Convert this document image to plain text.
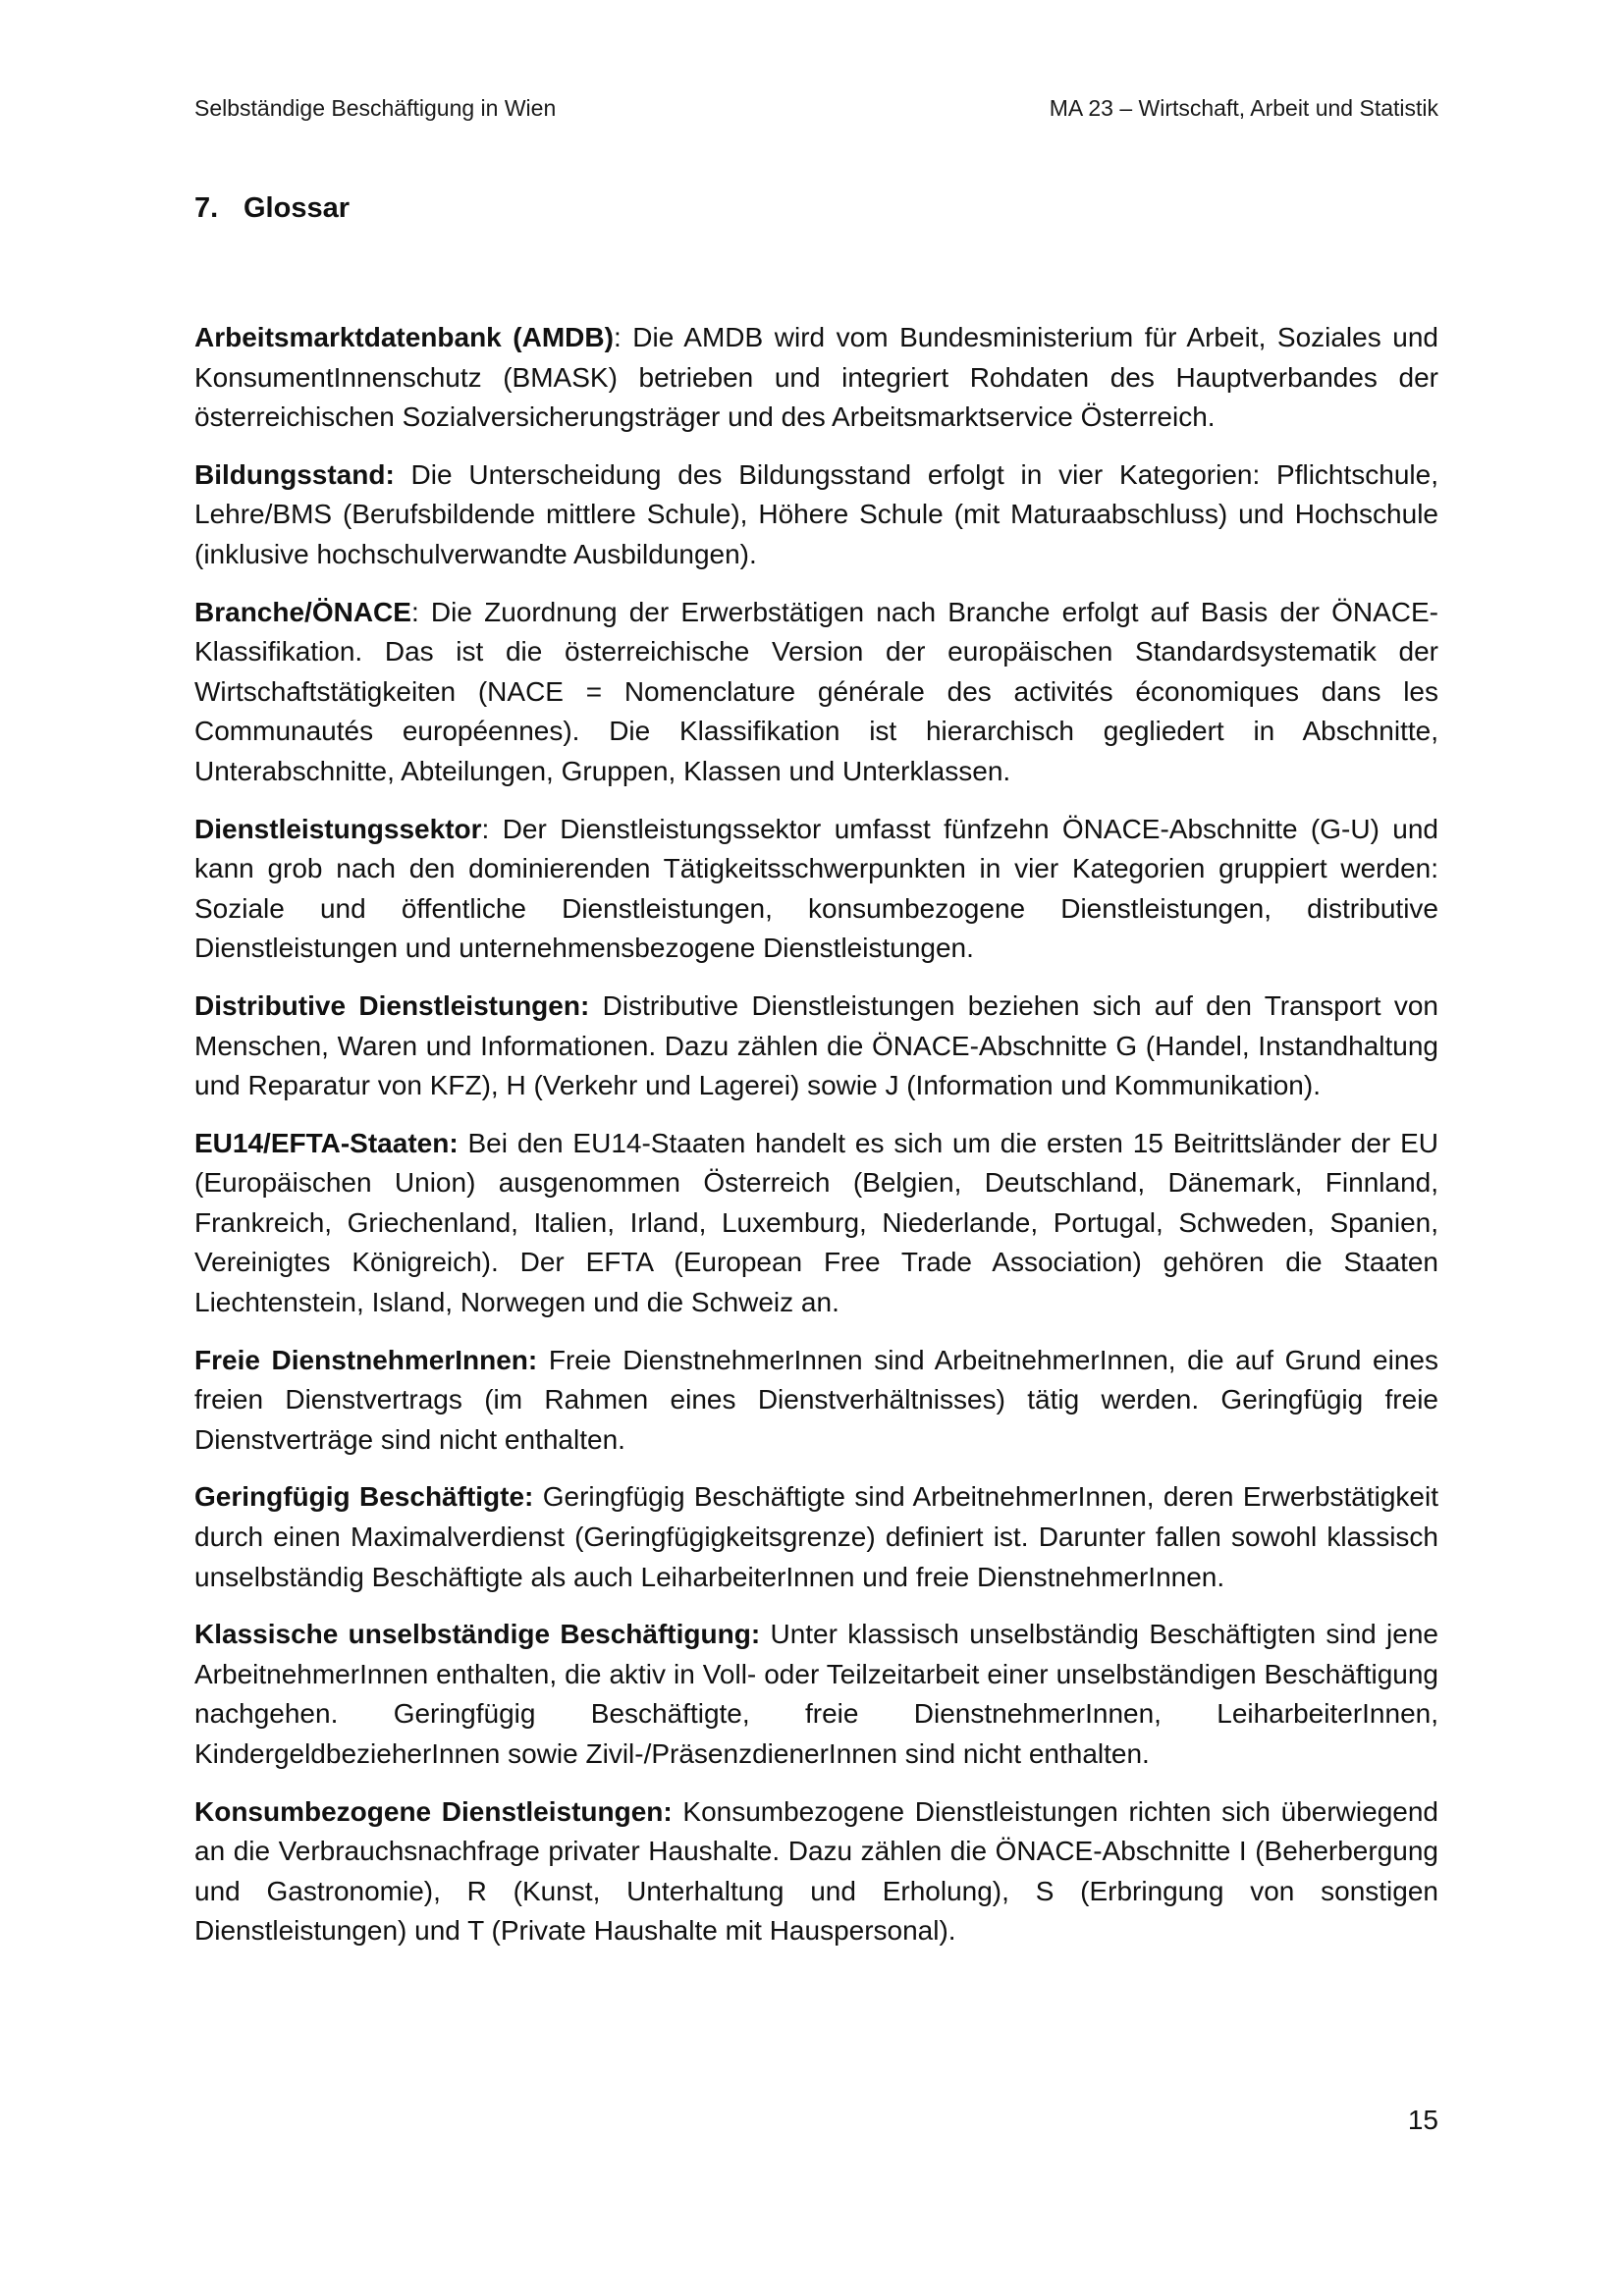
Selbständige Beschäftigung in Wien	MA 23 – Wirtschaft, Arbeit und Statistik
7. Glossar

Arbeitsmarktdatenbank (AMDB): Die AMDB wird vom Bundesministerium für Arbeit, Soziales und KonsumentInnenschutz (BMASK) betrieben und integriert Rohdaten des Hauptverbandes der österreichischen Sozialversicherungsträger und des Arbeitsmarktservice Österreich.

Bildungsstand: Die Unterscheidung des Bildungsstand erfolgt in vier Kategorien: Pflichtschule, Lehre/BMS (Berufsbildende mittlere Schule), Höhere Schule (mit Maturaabschluss) und Hochschule (inklusive hochschulverwandte Ausbildungen).

Branche/ÖNACE: Die Zuordnung der Erwerbstätigen nach Branche erfolgt auf Basis der ÖNACE-Klassifikation. Das ist die österreichische Version der europäischen Standardsystematik der Wirtschaftstätigkeiten (NACE = Nomenclature générale des activités économiques dans les Communautés européennes). Die Klassifikation ist hierarchisch gegliedert in Abschnitte, Unterabschnitte, Abteilungen, Gruppen, Klassen und Unterklassen.

Dienstleistungssektor: Der Dienstleistungssektor umfasst fünfzehn ÖNACE-Abschnitte (G-U) und kann grob nach den dominierenden Tätigkeitsschwerpunkten in vier Kategorien gruppiert werden: Soziale und öffentliche Dienstleistungen, konsumbezogene Dienstleistungen, distributive Dienstleistungen und unternehmensbezogene Dienstleistungen.

Distributive Dienstleistungen: Distributive Dienstleistungen beziehen sich auf den Transport von Menschen, Waren und Informationen. Dazu zählen die ÖNACE-Abschnitte G (Handel, Instandhaltung und Reparatur von KFZ), H (Verkehr und Lagerei) sowie J (Information und Kommunikation).

EU14/EFTA-Staaten: Bei den EU14-Staaten handelt es sich um die ersten 15 Beitrittsländer der EU (Europäischen Union) ausgenommen Österreich (Belgien, Deutschland, Dänemark, Finnland, Frankreich, Griechenland, Italien, Irland, Luxemburg, Niederlande, Portugal, Schweden, Spanien, Vereinigtes Königreich). Der EFTA (European Free Trade Association) gehören die Staaten Liechtenstein, Island, Norwegen und die Schweiz an.

Freie DienstnehmerInnen: Freie DienstnehmerInnen sind ArbeitnehmerInnen, die auf Grund eines freien Dienstvertrags (im Rahmen eines Dienstverhältnisses) tätig werden. Geringfügig freie Dienstverträge sind nicht enthalten.

Geringfügig Beschäftigte: Geringfügig Beschäftigte sind ArbeitnehmerInnen, deren Erwerbstätigkeit durch einen Maximalverdienst (Geringfügigkeitsgrenze) definiert ist. Darunter fallen sowohl klassisch unselbständig Beschäftigte als auch LeiharbeiterInnen und freie DienstnehmerInnen.

Klassische unselbständige Beschäftigung: Unter klassisch unselbständig Beschäftigten sind jene ArbeitnehmerInnen enthalten, die aktiv in Voll- oder Teilzeitarbeit einer unselbständigen Beschäftigung nachgehen. Geringfügig Beschäftigte, freie DienstnehmerInnen, LeiharbeiterInnen, KindergeldbezieherInnen sowie Zivil-/PräsenzdienerInnen sind nicht enthalten.

Konsumbezogene Dienstleistungen: Konsumbezogene Dienstleistungen richten sich überwiegend an die Verbrauchsnachfrage privater Haushalte. Dazu zählen die ÖNACE-Abschnitte I (Beherbergung und Gastronomie), R (Kunst, Unterhaltung und Erholung), S (Erbringung von sonstigen Dienstleistungen) und T (Private Haushalte mit Hauspersonal).

15
